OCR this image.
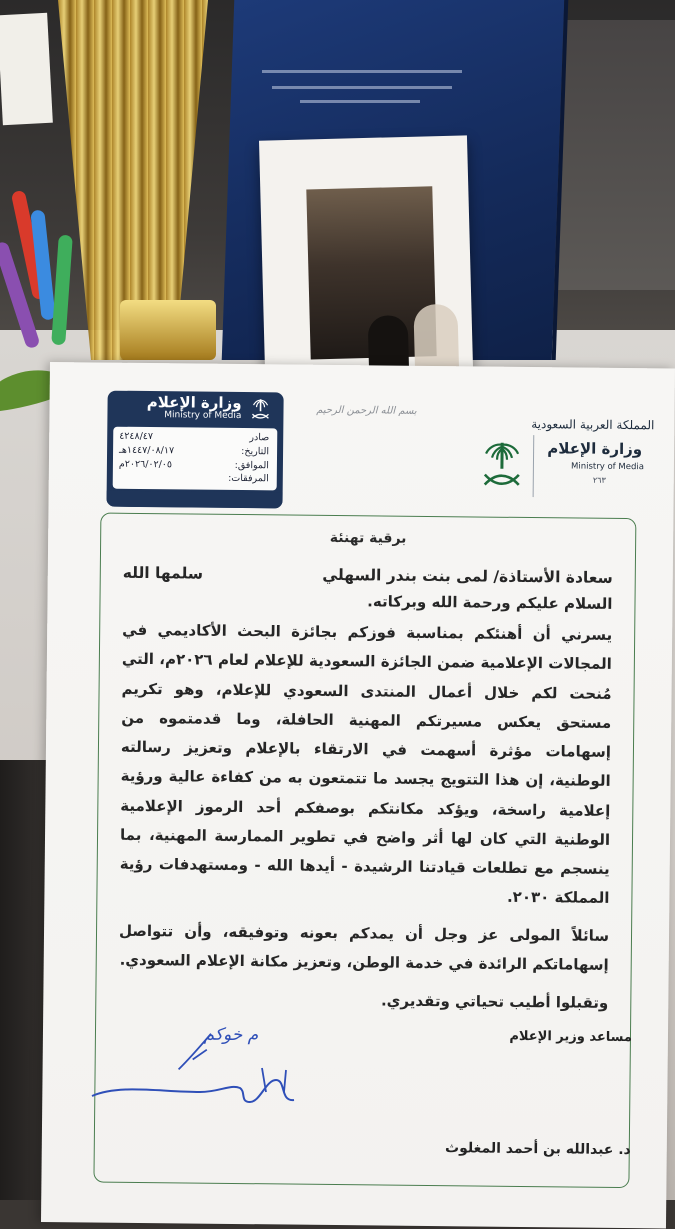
وزارة الإعلام
Ministry of Media
صادر
٤٢٤٨/٤٧
التاريخ:
١٤٤٧/٠٨/١٧هـ
الموافق:
٢٠٢٦/٠٢/٠٥م
المرفقات:
بسم الله الرحمن الرحيم
المملكة العربية السعودية
وزارة الإعلام
Ministry of Media
٢٦٣
برقية تهنئة
سعادة الأستاذة/ لمى بنت بندر السهلي
سلمها الله
السلام عليكم ورحمة الله وبركاته.
يسرني أن أهنئكم بمناسبة فوزكم بجائزة البحث الأكاديمي في المجالات الإعلامية ضمن الجائزة السعودية للإعلام لعام ٢٠٢٦م، التي مُنحت لكم خلال أعمال المنتدى السعودي للإعلام، وهو تكريم مستحق يعكس مسيرتكم المهنية الحافلة، وما قدمتموه من إسهامات مؤثرة أسهمت في الارتقاء بالإعلام وتعزيز رسالته الوطنية، إن هذا التتويج يجسد ما تتمتعون به من كفاءة عالية ورؤية إعلامية راسخة، ويؤكد مكانتكم بوصفكم أحد الرموز الإعلامية الوطنية التي كان لها أثر واضح في تطوير الممارسة المهنية، بما ينسجم مع تطلعات قيادتنا الرشيدة - أيدها الله - ومستهدفات رؤية المملكة ٢٠٣٠.
سائلاً المولى عز وجل أن يمدكم بعونه وتوفيقه، وأن تتواصل إسهاماتكم الرائدة في خدمة الوطن، وتعزيز مكانة الإعلام السعودي.
وتقبلوا أطيب تحياتي وتقديري.
م خوكم	مساعد وزير الإعلام
د. عبدالله بن أحمد المغلوث
